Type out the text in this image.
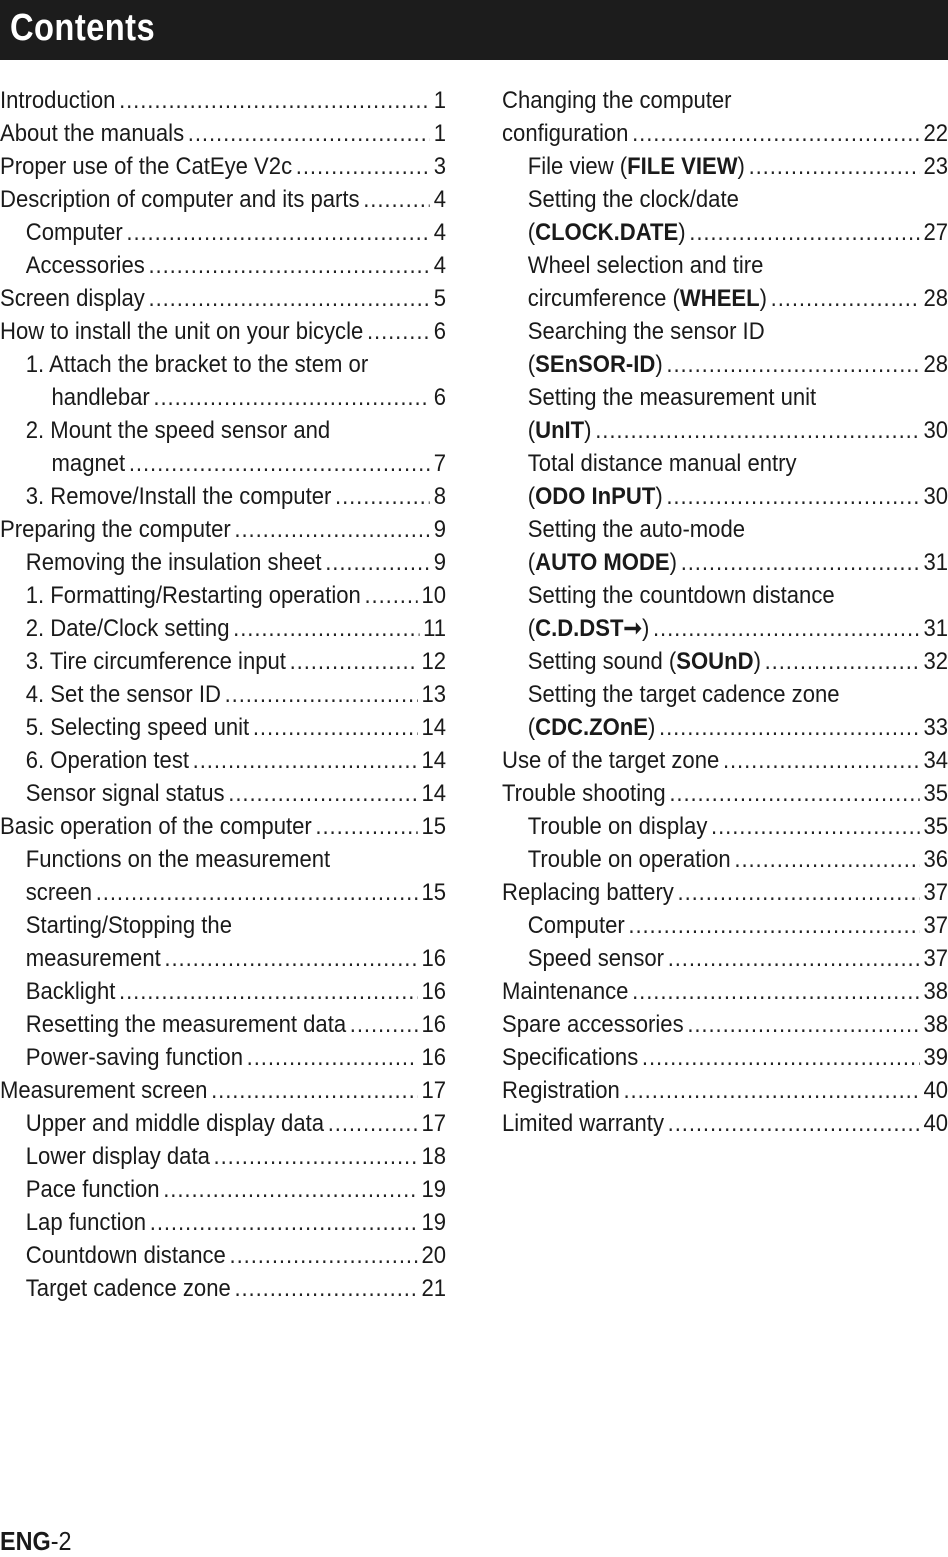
Contents
Introduction .....	1
About the manuals .....	1
Proper use of the CatEye V2c .....	3
Description of computer and its parts .....	4
Computer .....	4
Accessories .....	4
Screen display .....	5
How to install the unit on your bicycle .....	6
1. Attach the bracket to the stem or
handlebar .....	6
2. Mount the speed sensor and
magnet .....	7
3. Remove/Install the computer .....	8
Preparing the computer .....	9
Removing the insulation sheet .....	9
1. Formatting/Restarting operation .....	10
2. Date/Clock setting .....	11
3. Tire circumference input .....	12
4. Set the sensor ID .....	13
5. Selecting speed unit .....	14
6. Operation test .....	14
Sensor signal status .....	14
Basic operation of the computer .....	15
Functions on the measurement
screen .....	15
Starting/Stopping the
measurement .....	16
Backlight .....	16
Resetting the measurement data .....	16
Power-saving function .....	16
Measurement screen .....	17
Upper and middle display data .....	17
Lower display data .....	18
Pace function .....	19
Lap function .....	19
Countdown distance .....	20
Target cadence zone .....	21
Changing the computer
configuration .....	22
File view (FILE VIEW) .....	23
Setting the clock/date
(CLOCK.DATE) .....	27
Wheel selection and tire
circumference (WHEEL) .....	28
Searching the sensor ID
(SEnSOR-ID) .....	28
Setting the measurement unit
(UnIT) .....	30
Total distance manual entry
(ODO InPUT) .....	30
Setting the auto-mode
(AUTO MODE) .....	31
Setting the countdown distance
(C.D.DST➞) .....	31
Setting sound (SOUnD) .....	32
Setting the target cadence zone
(CDC.ZOnE) .....	33
Use of the target zone .....	34
Trouble shooting .....	35
Trouble on display .....	35
Trouble on operation .....	36
Replacing battery .....	37
Computer .....	37
Speed sensor .....	37
Maintenance .....	38
Spare accessories .....	38
Specifications .....	39
Registration .....	40
Limited warranty .....	40
ENG-2
